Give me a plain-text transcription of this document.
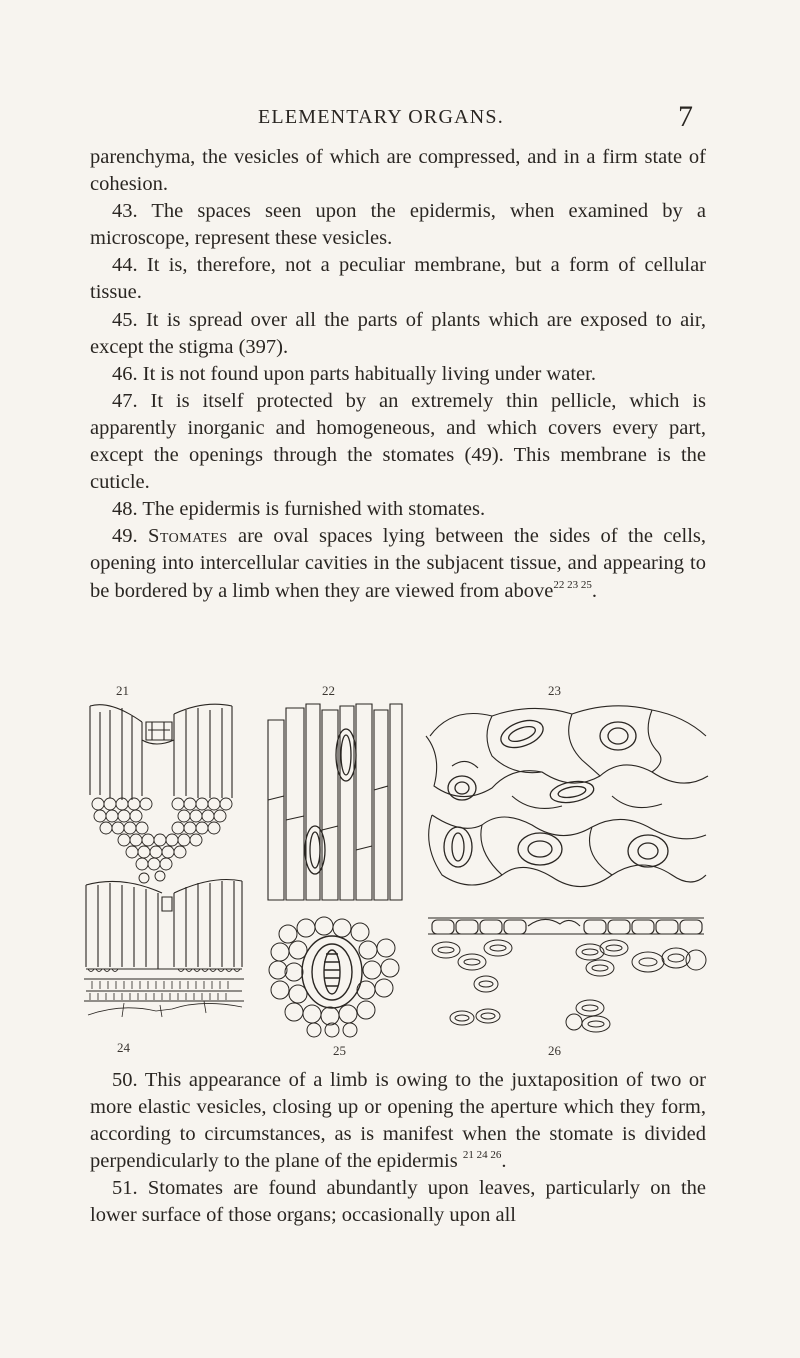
ELEMENTARY ORGANS.	7

parenchyma, the vesicles of which are compressed, and in a firm state of cohesion.

43. The spaces seen upon the epidermis, when examined by a microscope, represent these vesicles.

44. It is, therefore, not a peculiar membrane, but a form of cellular tissue.

45. It is spread over all the parts of plants which are exposed to air, except the stigma (397).

46. It is not found upon parts habitually living under water.

47. It is itself protected by an extremely thin pellicle, which is apparently inorganic and homogeneous, and which covers every part, except the openings through the stomates (49). This membrane is the cuticle.

48. The epidermis is furnished with stomates.

49. Stomates are oval spaces lying between the sides of the cells, opening into intercellular cavities in the subjacent tissue, and appearing to be bordered by a limb when they are viewed from above$^{22 23 25}$.

21	22	23
24	25	26

50. This appearance of a limb is owing to the juxtaposition of two or more elastic vesicles, closing up or opening the aperture which they form, according to circumstances, as is manifest when the stomate is divided perpendicularly to the plane of the epidermis $^{21 24 26}$.

51. Stomates are found abundantly upon leaves, particularly on the lower surface of those organs; occasionally upon all
